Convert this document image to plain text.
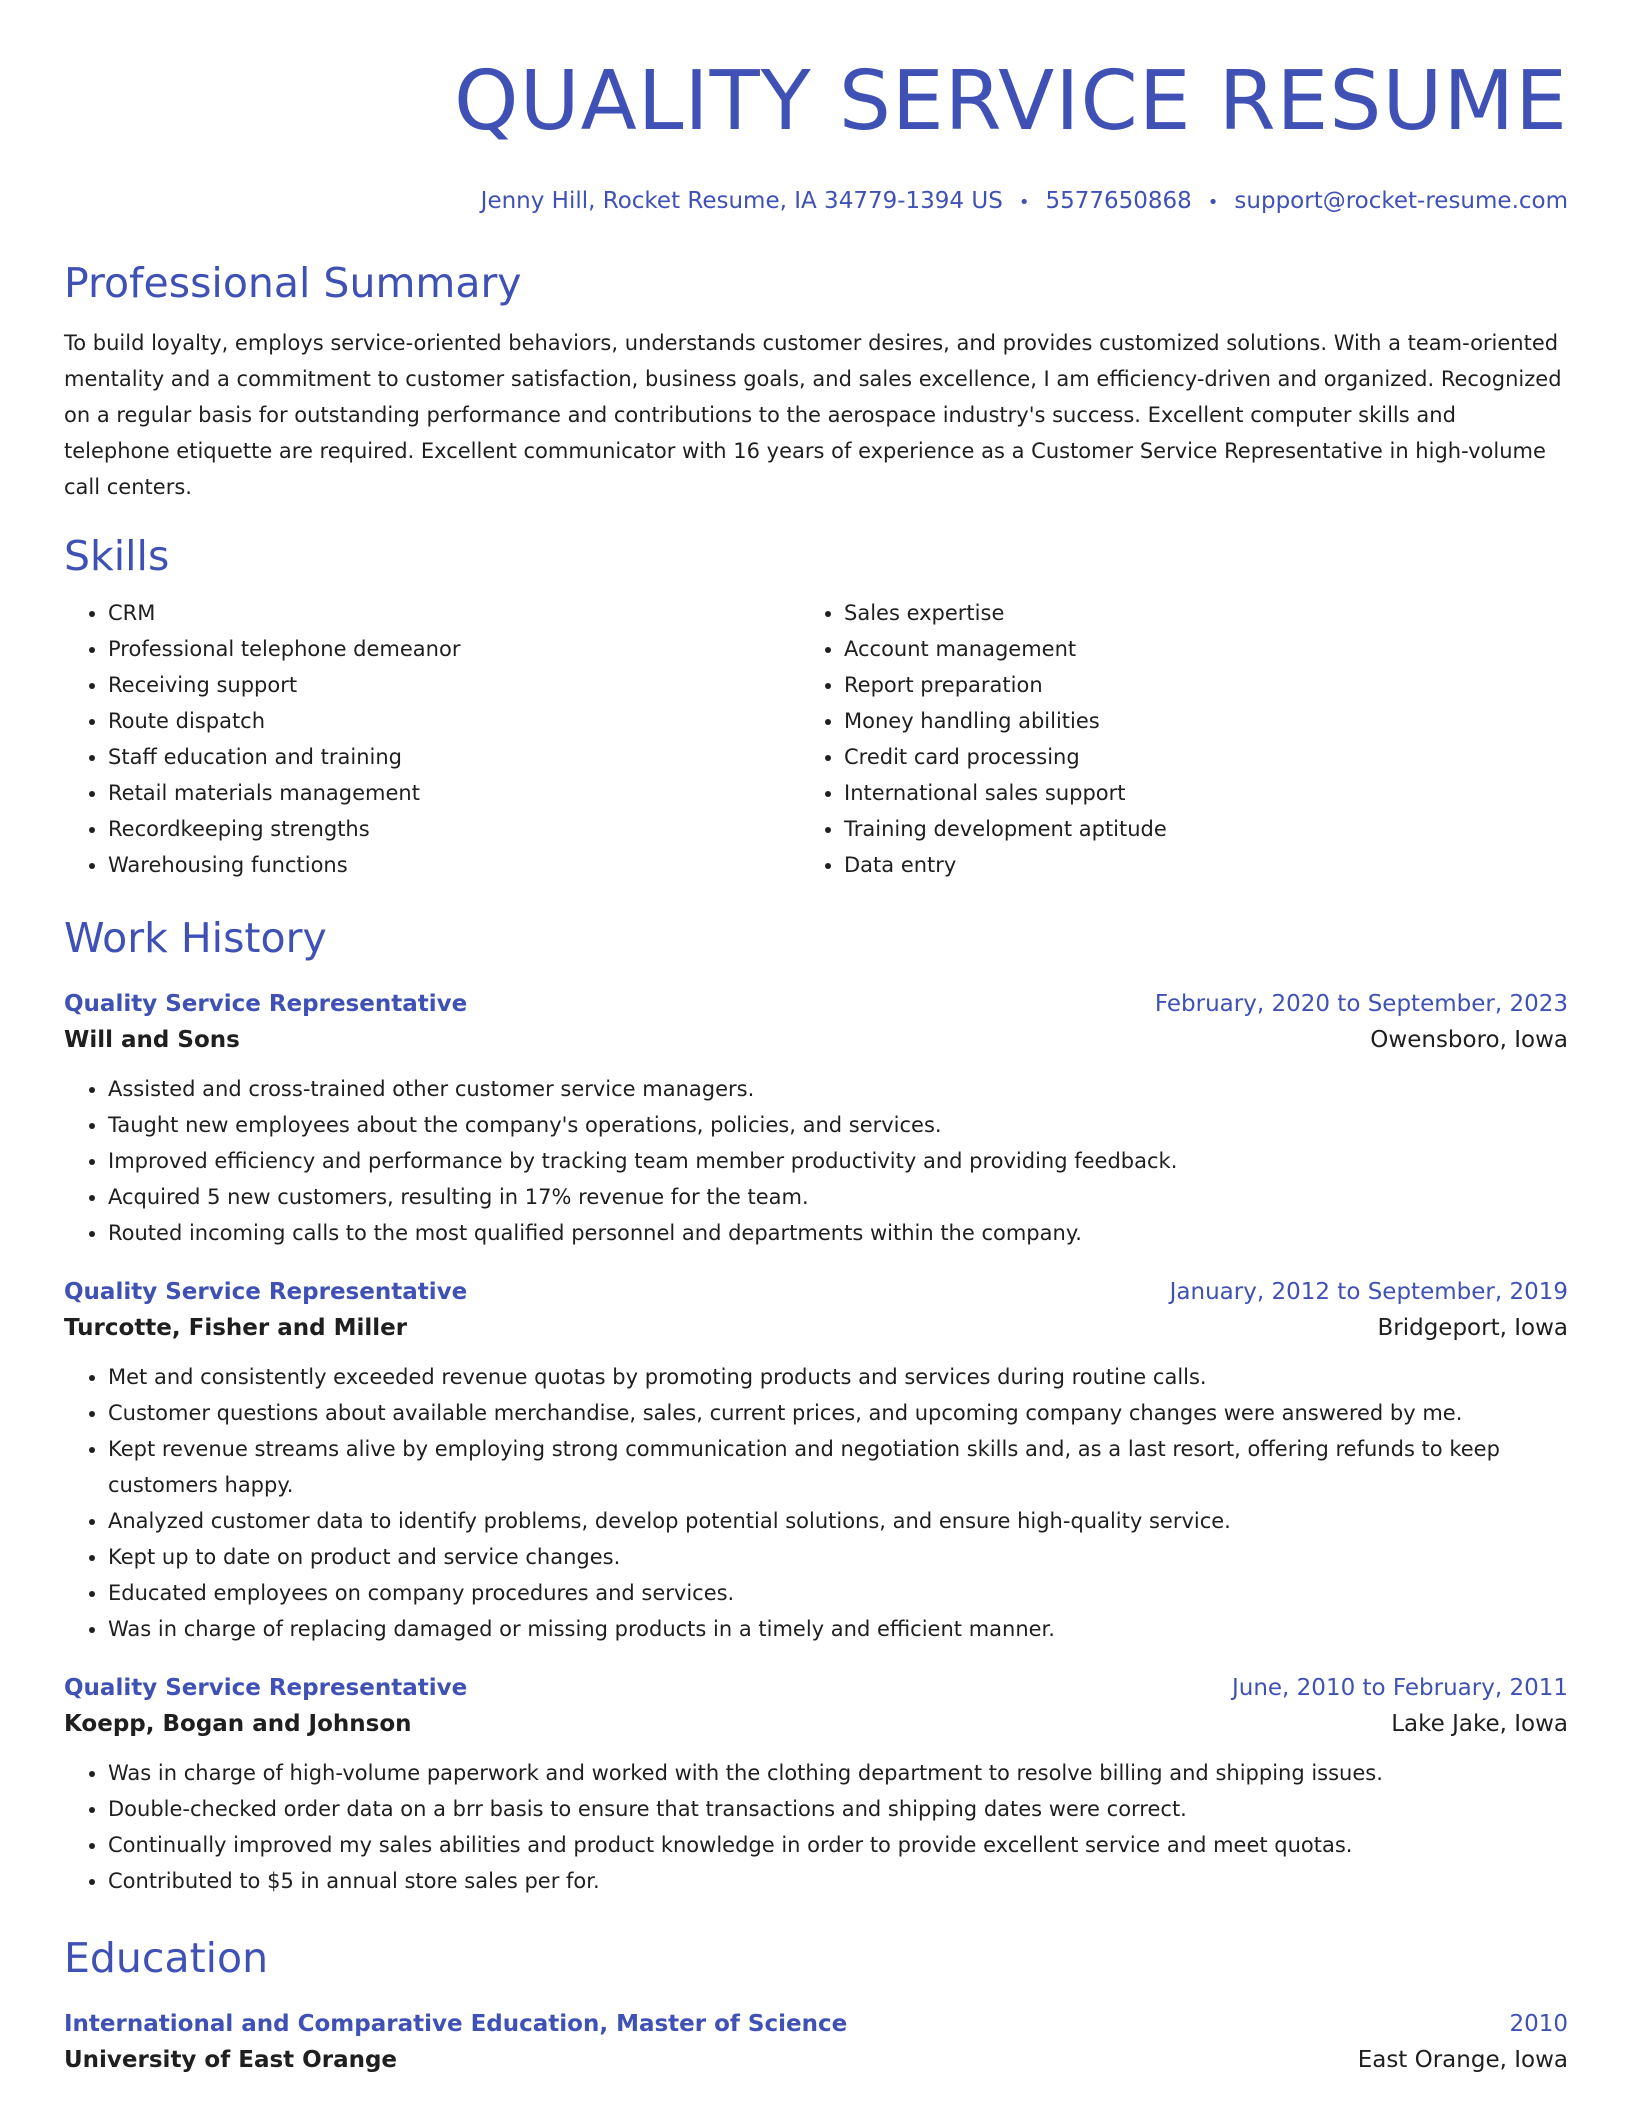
QUALITY SERVICE RESUME
Jenny Hill, Rocket Resume, IA 34779-1394 US • 5577650868 • support@rocket-resume.com
Professional Summary
To build loyalty, employs service-oriented behaviors, understands customer desires, and provides customized solutions. With a team-oriented mentality and a commitment to customer satisfaction, business goals, and sales excellence, I am efficiency-driven and organized. Recognized on a regular basis for outstanding performance and contributions to the aerospace industry's success. Excellent computer skills and telephone etiquette are required. Excellent communicator with 16 years of experience as a Customer Service Representative in high-volume call centers.
Skills
• CRM
• Professional telephone demeanor
• Receiving support
• Route dispatch
• Staff education and training
• Retail materials management
• Recordkeeping strengths
• Warehousing functions
• Sales expertise
• Account management
• Report preparation
• Money handling abilities
• Credit card processing
• International sales support
• Training development aptitude
• Data entry
Work History
Quality Service Representative	February, 2020 to September, 2023
Will and Sons	Owensboro, Iowa
• Assisted and cross-trained other customer service managers.
• Taught new employees about the company's operations, policies, and services.
• Improved efficiency and performance by tracking team member productivity and providing feedback.
• Acquired 5 new customers, resulting in 17% revenue for the team.
• Routed incoming calls to the most qualified personnel and departments within the company.
Quality Service Representative	January, 2012 to September, 2019
Turcotte, Fisher and Miller	Bridgeport, Iowa
• Met and consistently exceeded revenue quotas by promoting products and services during routine calls.
• Customer questions about available merchandise, sales, current prices, and upcoming company changes were answered by me.
• Kept revenue streams alive by employing strong communication and negotiation skills and, as a last resort, offering refunds to keep customers happy.
• Analyzed customer data to identify problems, develop potential solutions, and ensure high-quality service.
• Kept up to date on product and service changes.
• Educated employees on company procedures and services.
• Was in charge of replacing damaged or missing products in a timely and efficient manner.
Quality Service Representative	June, 2010 to February, 2011
Koepp, Bogan and Johnson	Lake Jake, Iowa
• Was in charge of high-volume paperwork and worked with the clothing department to resolve billing and shipping issues.
• Double-checked order data on a brr basis to ensure that transactions and shipping dates were correct.
• Continually improved my sales abilities and product knowledge in order to provide excellent service and meet quotas.
• Contributed to $5 in annual store sales per for.
Education
International and Comparative Education, Master of Science	2010
University of East Orange	East Orange, Iowa
